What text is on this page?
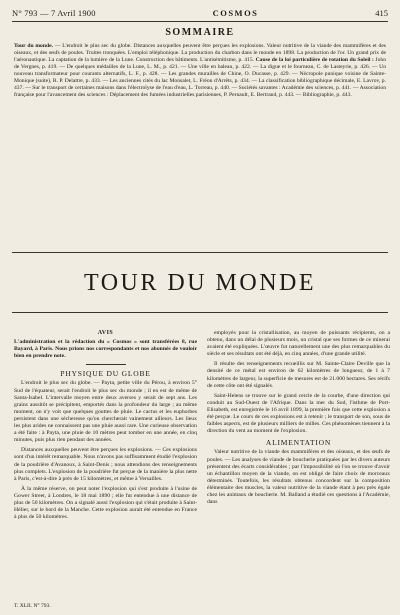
N° 793 — 7 Avril 1900	COSMOS	415
SOMMAIRE
Tour du monde. — L'endroit le plus sec du globe. Distances auxquelles peuvent être perçues les explosions. Valeur nutritive de la viande des mammifères et des oiseaux, et des œufs de poules. Truites tronquées. L'emploi téléphonique. La production du charbon dans le monde en 1898. La production de l'or. Un grand prix de l'aéronautique. La captation de la lumière de la Lune. Construction des bâtiments. L'antisémitisme, p. 415. Cause de la loi particulière de rotation du Soleil : John de Vergnes, p. 419. — De quelques médailles de la Lune, L. M., p. 421. — Une ville en baleau, p. 422. — La digue et le fourneau, C. de Lasteyrie, p. 426. — Un nouveau transformateur pour courants alternatifs, L. F., p. 428. — Les grandes murailles de Chine, O. Ducasse, p. 429. — Nécropole punique voisine de Sainte-Monique (suite), R. P. Delattre, p. 433. — Les anciennes cités du lac Monsalet, L. Fréon d'Arrêts, p. 434. — La classification bibliographique décimale, E. Lavrov, p. 437. — Sur le transport de certaines maisons dans l'électrolyse de l'eau d'eau, L. Torreau, p. 440. — Sociétés savantes : Académie des sciences, p. 441. — Association française pour l'avancement des sciences : Déplacement des fumées industrielles parisiennes, P. Pernault, E. Bertrand, p. 443. — Bibliographie, p. 443.
TOUR DU MONDE
AVIS
L'administration et la rédaction du « Cosmos » sont transférées 8, rue Bayard, à Paris. Nous prions nos correspondants et nos abonnés de vouloir bien en prendre note.
PHYSIQUE DU GLOBE

L'endroit le plus sec du globe. — Payta, petite ville du Pérou, à environ 5° Sud de l'équateur, serait l'endroit le plus sec du monde ; il en est de même de Santa-Isabel. L'intervalle moyen entre deux averses y serait de sept ans. Les grains aussitôt se précipitent, emportés dans la profondeur du large ; au même moment, on n'y voit que quelques gouttes de pluie. Le cactus et les euphorbes persistent dans une sécheresse qu'on chercherait vainement ailleurs. Les lieux les plus arides ne connaissent pas une pluie aussi rare. Une curieuse observation a été faite : à Payta, une pluie de 10 mètres peut tomber en une année, en cinq minutes, puis plus rien pendant des années.

Distances auxquelles peuvent être perçues les explosions. — Ces explosions sont d'un intérêt remarquable. Nous n'avons pas suffisamment étudié l'explosion de la poudrière d'Avanoux, à Saint-Denis ; nous attendions des renseignements plus complets. L'explosion de la poudrière fut perçue de la manière la plus nette à Paris, c'est-à-dire à près de 15 kilomètres, et même à Versailles.

À la même réserve, on peut noter l'explosion qui s'est produite à l'usine de Gower Street, à Londres, le 18 mai 1890 ; elle fut entendue à une distance de plus de 50 kilomètres. On a signalé aussi l'explosion qui s'était produite à Saint-Hélier, sur le bord de la Manche. Cette explosion aurait été entendue en France à plus de 50 kilomètres.

employés pour la cristallisation, au moyen de puissants récipients, on a obtenu, dans un délai de plusieurs mois, un cristal que ses formes de ce minerai avaient été expliquées. L'œuvre fut naturellement une des plus remarquables du siècle et ses résultats ont été déjà, en cinq années, d'une grande utilité.

Il résulte des renseignements recueillis sur M. Sainte-Claire Deville que la densité de ce métal est environ de 62 kilomètres de longueur, de 1 à 7 kilomètres de largeur, la superficie de mesures est de 21.000 hectares. Ses récifs de cette côte ont été signalés.

Saint-Helens se trouve sur le grand cercle de la courbe, d'une direction qui conduit au Sud-Ouest de l'Afrique. Dans la mer du Sud, l'isthme de Port-Elisabeth, est enregistrée le 16 avril 1899, la première fois que cette explosion a été perçue. Le cours de ces explosions est à retenir ; le transport de son, sous de faibles aspects, est de plusieurs milliers de milles. Ces phénomènes tiennent à la direction du vent au moment de l'explosion.

ALIMENTATION

Valeur nutritive de la viande des mammifères et des oiseaux, et des œufs de poules. — Les analyses de viande de boucherie pratiquées par les divers auteurs présentent des écarts considérables ; par l'impossibilité où l'on se trouve d'avoir un échantillon moyen de la viande, on est obligé de faire choix de morceaux déterminés. Toutefois, les résultats obtenus concordent sur la composition élémentaire des muscles, la valeur nutritive de la viande étant à peu près égale chez les animaux de boucherie. M. Balland a étudié ces questions à l'Académie, dans

T. XLII. N° 793.
